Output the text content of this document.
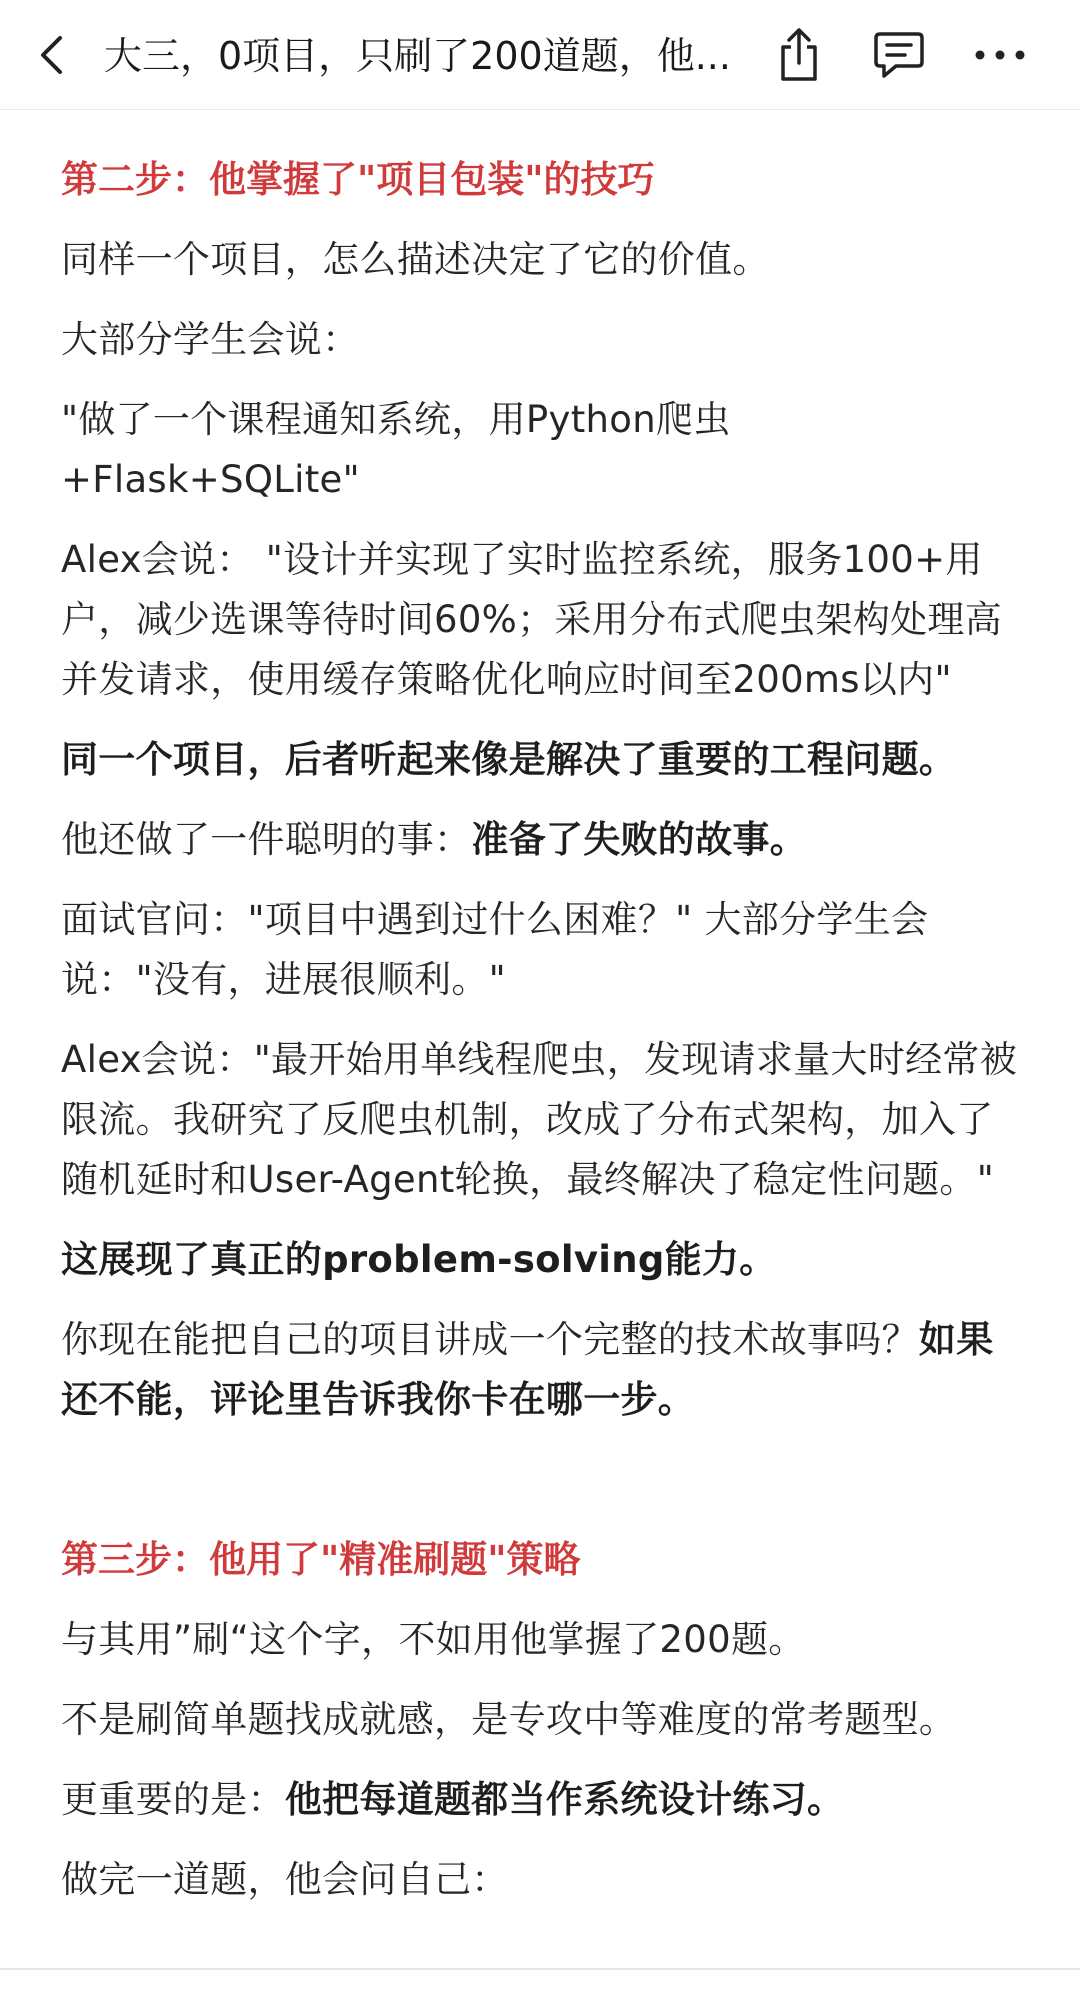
大三，0项目，只刷了200道题，他...
第二步：他掌握了"项目包装"的技巧
同样一个项目，怎么描述决定了它的价值。
大部分学生会说：
"做了一个课程通知系统，用Python爬虫+Flask+SQLite"
Alex会说： "设计并实现了实时监控系统，服务100+用户，减少选课等待时间60%；采用分布式爬虫架构处理高并发请求，使用缓存策略优化响应时间至200ms以内"
同一个项目，后者听起来像是解决了重要的工程问题。
他还做了一件聪明的事：准备了失败的故事。
面试官问："项目中遇到过什么困难？" 大部分学生会说："没有，进展很顺利。"
Alex会说："最开始用单线程爬虫，发现请求量大时经常被限流。我研究了反爬虫机制，改成了分布式架构，加入了随机延时和User-Agent轮换，最终解决了稳定性问题。"
这展现了真正的problem-solving能力。
你现在能把自己的项目讲成一个完整的技术故事吗？如果还不能，评论里告诉我你卡在哪一步。
第三步：他用了"精准刷题"策略
与其用”刷“这个字，不如用他掌握了200题。
不是刷简单题找成就感，是专攻中等难度的常考题型。
更重要的是：他把每道题都当作系统设计练习。
做完一道题，他会问自己：
